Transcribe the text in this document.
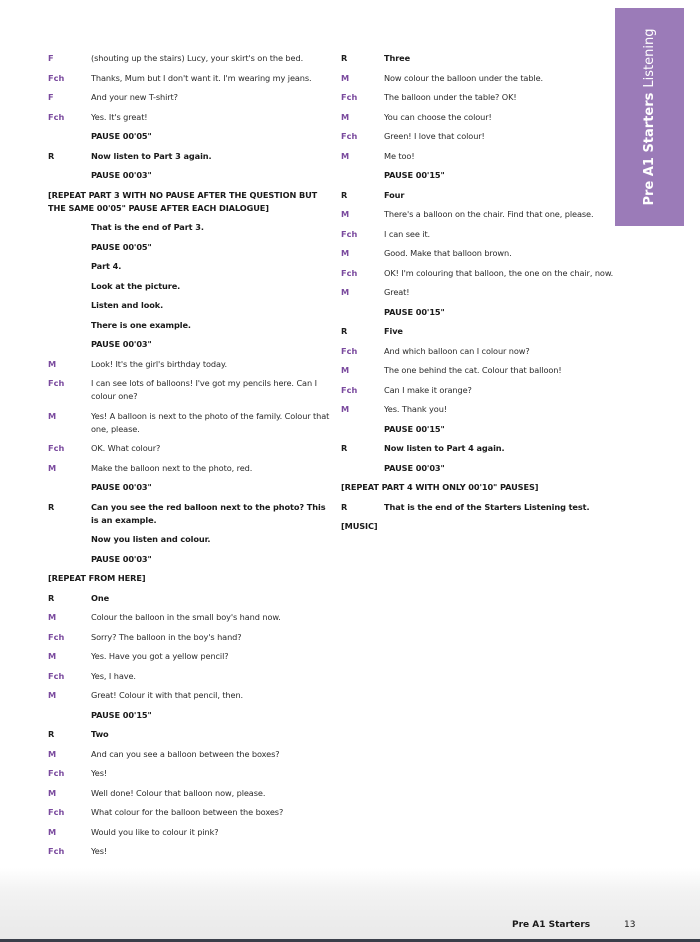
F	(shouting up the stairs) Lucy, your skirt's on the bed.
Fch	Thanks, Mum but I don't want it. I'm wearing my jeans.
F	And your new T-shirt?
Fch	Yes. It's great!
PAUSE 00'05"
R	Now listen to Part 3 again.
PAUSE 00'03"
[REPEAT PART 3 WITH NO PAUSE AFTER THE QUESTION BUT THE SAME 00'05" PAUSE AFTER EACH DIALOGUE]
That is the end of Part 3.
PAUSE 00'05"
Part 4.
Look at the picture.
Listen and look.
There is one example.
PAUSE 00'03"
M	Look! It's the girl's birthday today.
Fch	I can see lots of balloons! I've got my pencils here. Can I colour one?
M	Yes! A balloon is next to the photo of the family. Colour that one, please.
Fch	OK. What colour?
M	Make the balloon next to the photo, red.
PAUSE 00'03"
R	Can you see the red balloon next to the photo? This is an example.
Now you listen and colour.
PAUSE 00'03"
[REPEAT FROM HERE]
R	One
M	Colour the balloon in the small boy's hand now.
Fch	Sorry? The balloon in the boy's hand?
M	Yes. Have you got a yellow pencil?
Fch	Yes, I have.
M	Great! Colour it with that pencil, then.
PAUSE 00'15"
R	Two
M	And can you see a balloon between the boxes?
Fch	Yes!
M	Well done! Colour that balloon now, please.
Fch	What colour for the balloon between the boxes?
M	Would you like to colour it pink?
Fch	Yes!
R	Three
M	Now colour the balloon under the table.
Fch	The balloon under the table? OK!
M	You can choose the colour!
Fch	Green! I love that colour!
M	Me too!
PAUSE 00'15"
R	Four
M	There's a balloon on the chair. Find that one, please.
Fch	I can see it.
M	Good. Make that balloon brown.
Fch	OK! I'm colouring that balloon, the one on the chair, now.
M	Great!
PAUSE 00'15"
R	Five
Fch	And which balloon can I colour now?
M	The one behind the cat. Colour that balloon!
Fch	Can I make it orange?
M	Yes. Thank you!
PAUSE 00'15"
R	Now listen to Part 4 again.
PAUSE 00'03"
[REPEAT PART 4 WITH ONLY 00'10" PAUSES]
R	That is the end of the Starters Listening test.
[MUSIC]
Pre A1 Starters
Listening
Pre A1 Starters	13
